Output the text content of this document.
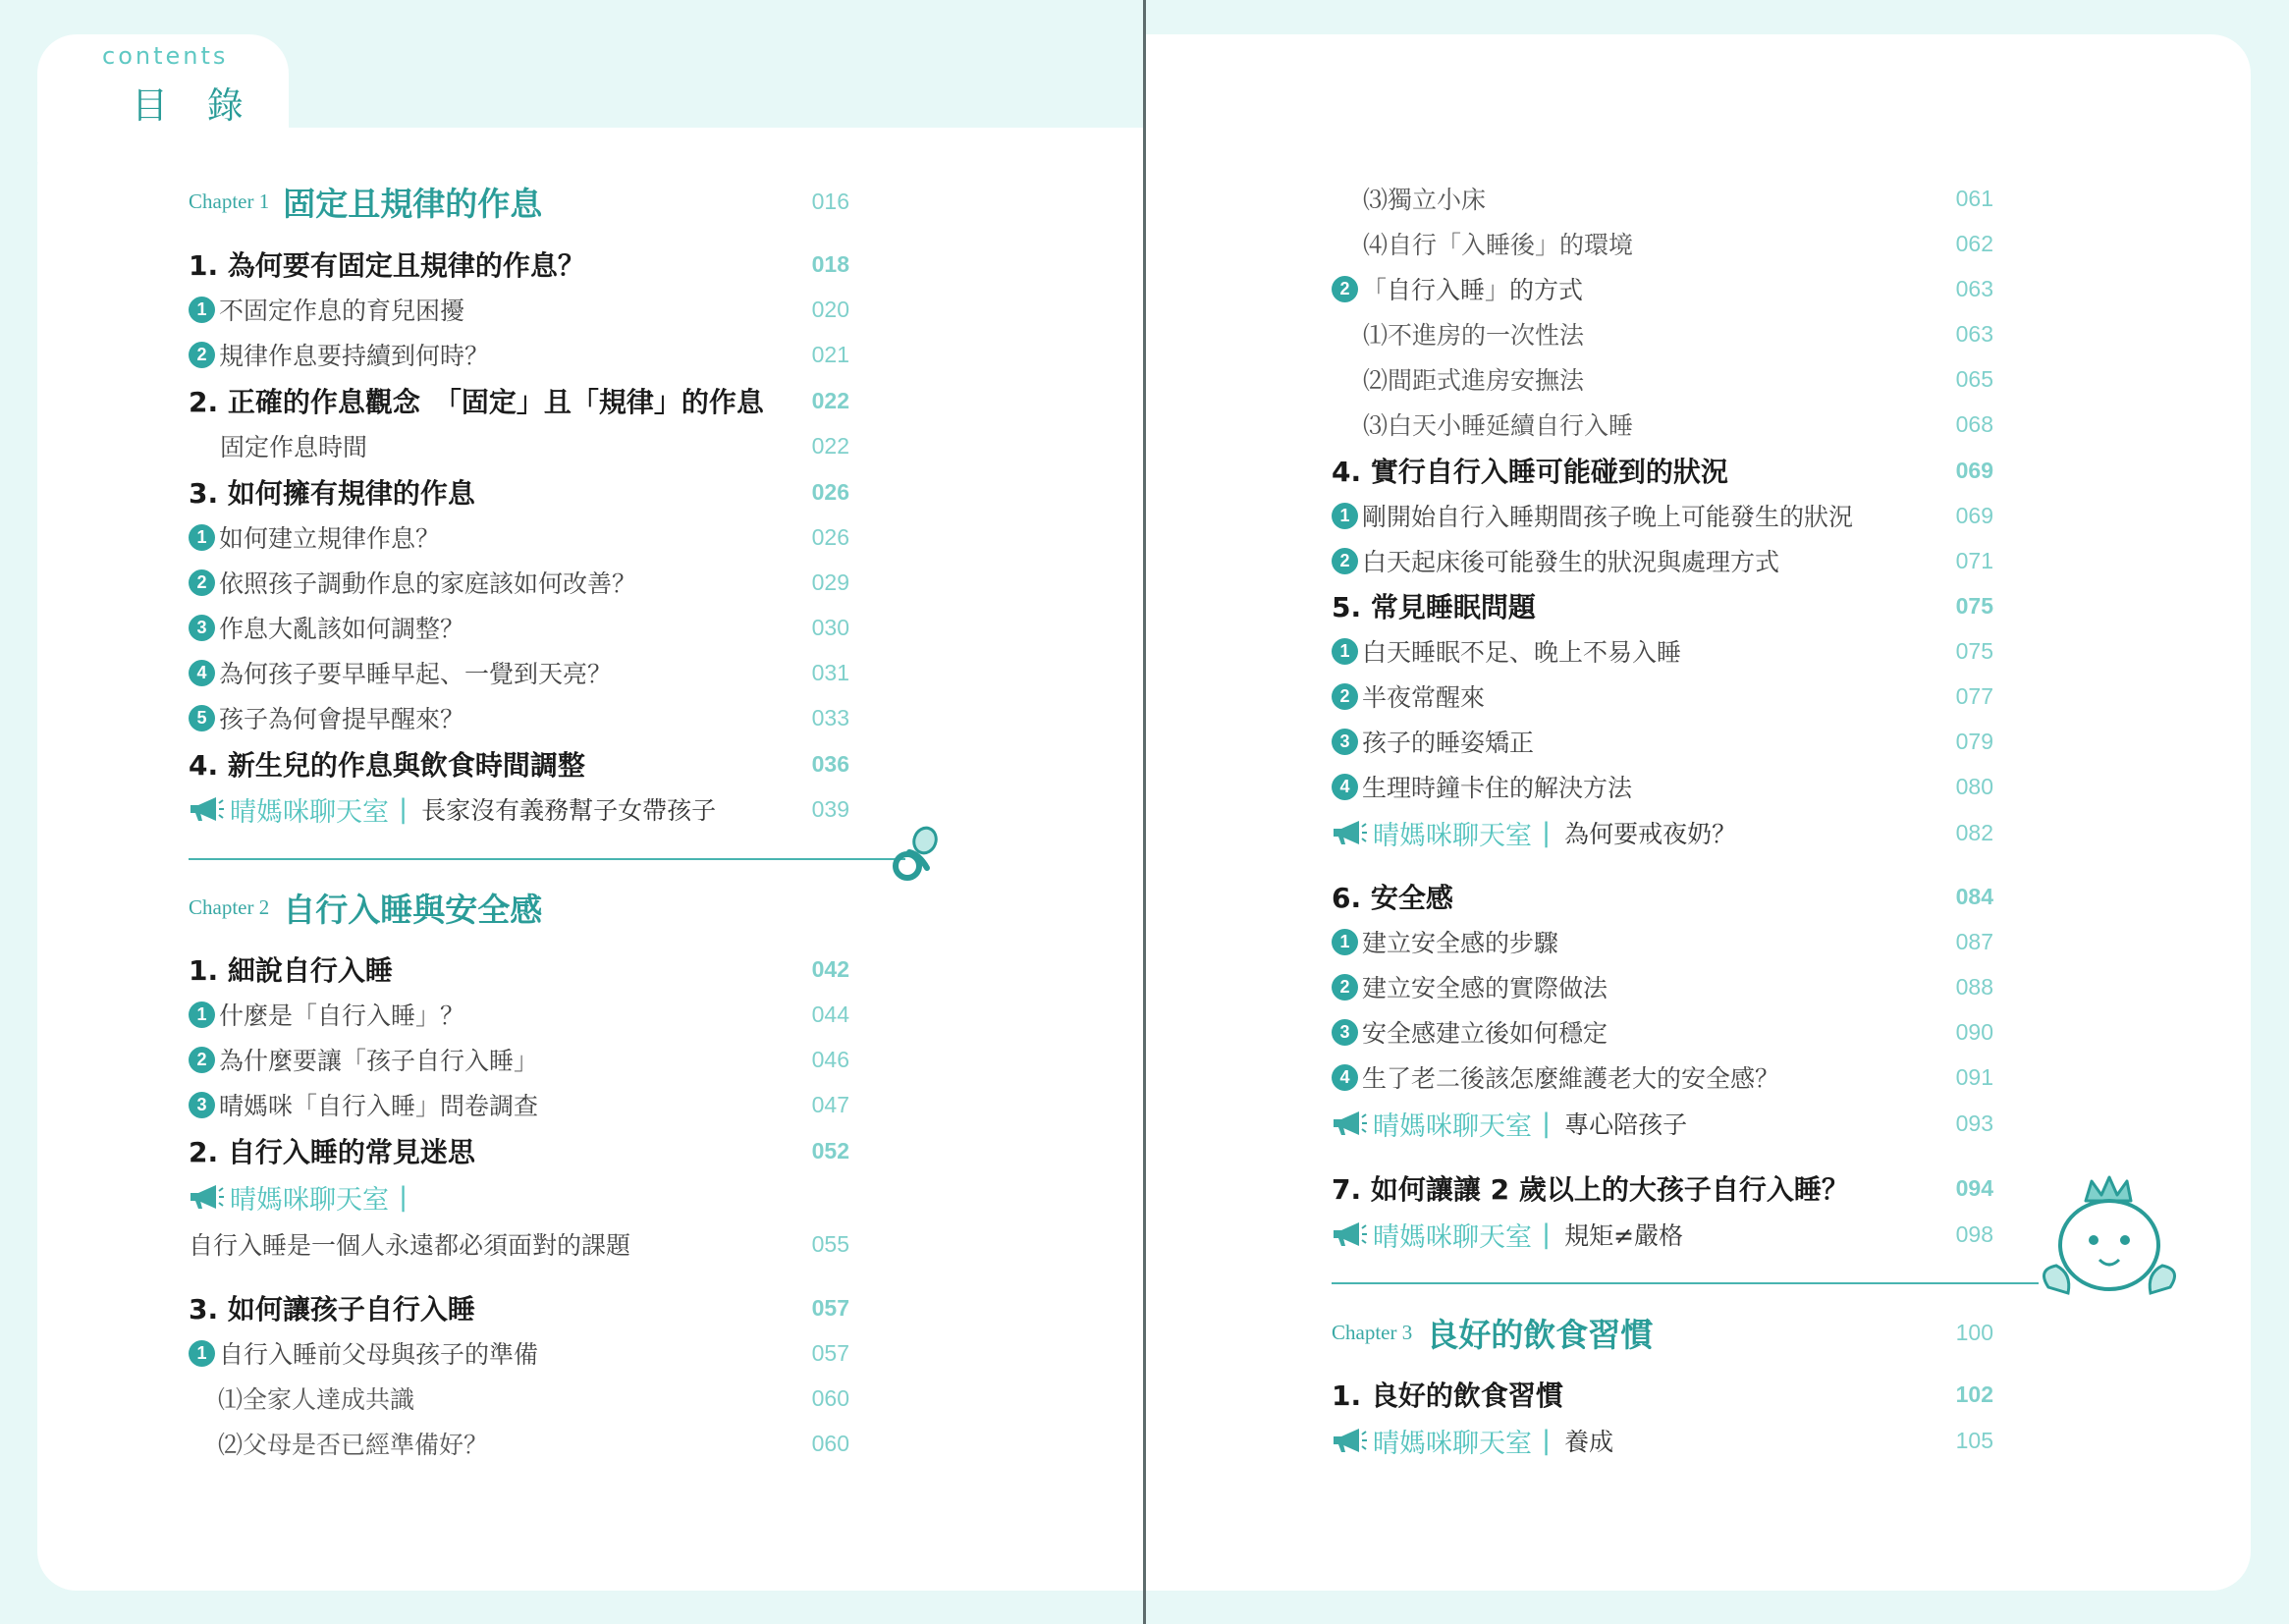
contents
目 錄
Chapter 1 固定且規律的作息	016
1. 為何要有固定且規律的作息？	018
1 不固定作息的育兒困擾	020
2 規律作息要持續到何時？	021
2. 正確的作息觀念　「固定」且「規律」的作息 022
固定作息時間	022
3. 如何擁有規律的作息	026
1 如何建立規律作息？	026
2 依照孩子調動作息的家庭該如何改善？	029
3 作息大亂該如何調整？	030
4 為何孩子要早睡早起、一覺到天亮？	031
5 孩子為何會提早醒來？	033
4. 新生兒的作息與飲食時間調整	036
晴媽咪聊天室 | 長家沒有義務幫子女帶孩子	039
Chapter 2 自行入睡與安全感
1. 細說自行入睡	042
1 什麼是「自行入睡」？	044
2 為什麼要讓「孩子自行入睡」	046
3 晴媽咪「自行入睡」問卷調查	047
2. 自行入睡的常見迷思	052
晴媽咪聊天室 |
自行入睡是一個人永遠都必須面對的課題	055
3. 如何讓孩子自行入睡	057
1 自行入睡前父母與孩子的準備	057
⑴全家人達成共識	060
⑵父母是否已經準備好？	060
⑶獨立小床	061
⑷自行「入睡後」的環境	062
2 「自行入睡」的方式	063
⑴不進房的一次性法	063
⑵間距式進房安撫法	065
⑶白天小睡延續自行入睡	068
4. 實行自行入睡可能碰到的狀況	069
1 剛開始自行入睡期間孩子晚上可能發生的狀況	069
2 白天起床後可能發生的狀況與處理方式	071
5. 常見睡眠問題	075
1 白天睡眠不足、晚上不易入睡	075
2 半夜常醒來	077
3 孩子的睡姿矯正	079
4 生理時鐘卡住的解決方法	080
晴媽咪聊天室 | 為何要戒夜奶？	082
6. 安全感	084
1 建立安全感的步驟	087
2 建立安全感的實際做法	088
3 安全感建立後如何穩定	090
4 生了老二後該怎麼維護老大的安全感？	091
晴媽咪聊天室 | 專心陪孩子	093
7. 如何讓讓 2 歲以上的大孩子自行入睡？	094
晴媽咪聊天室 | 規矩≠嚴格	098
Chapter 3 良好的飲食習慣	100
1. 良好的飲食習慣	102
晴媽咪聊天室 | 養成	105
